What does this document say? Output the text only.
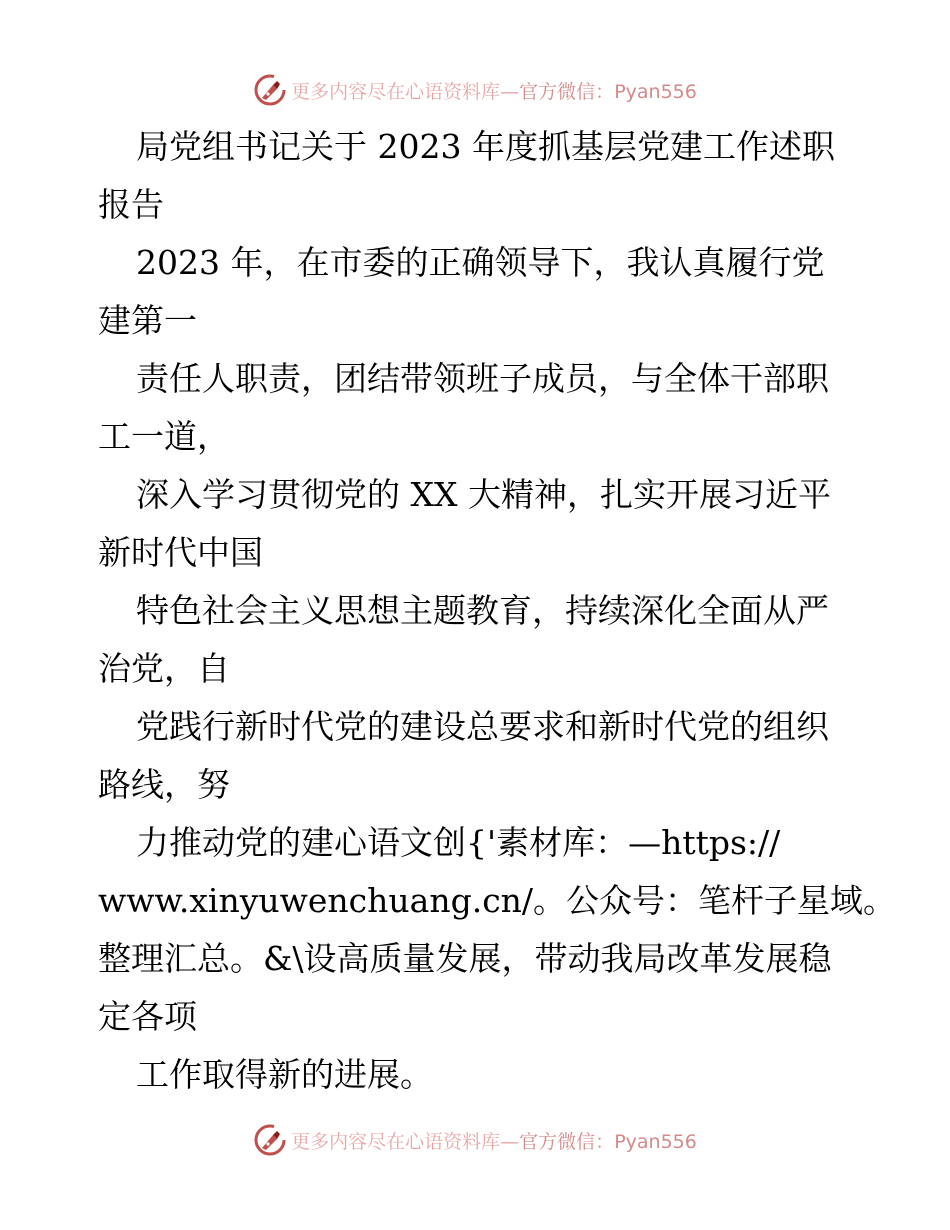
更多内容尽在心语资料库—官方微信：Pyan556
局党组书记关于 2023 年度抓基层党建工作述职
报告
2023 年，在市委的正确领导下，我认真履行党
建第一
责任人职责，团结带领班子成员，与全体干部职
工一道，
深入学习贯彻党的 XX 大精神，扎实开展习近平
新时代中国
特色社会主义思想主题教育，持续深化全面从严
治党，自
党践行新时代党的建设总要求和新时代党的组织
路线，努
力推动党的建心语文创{'素材库：—https://
www.xinyuwenchuang.cn/。公众号：笔杆子星域。
整理汇总。&\设高质量发展，带动我局改革发展稳
定各项
工作取得新的进展。
更多内容尽在心语资料库—官方微信：Pyan556
